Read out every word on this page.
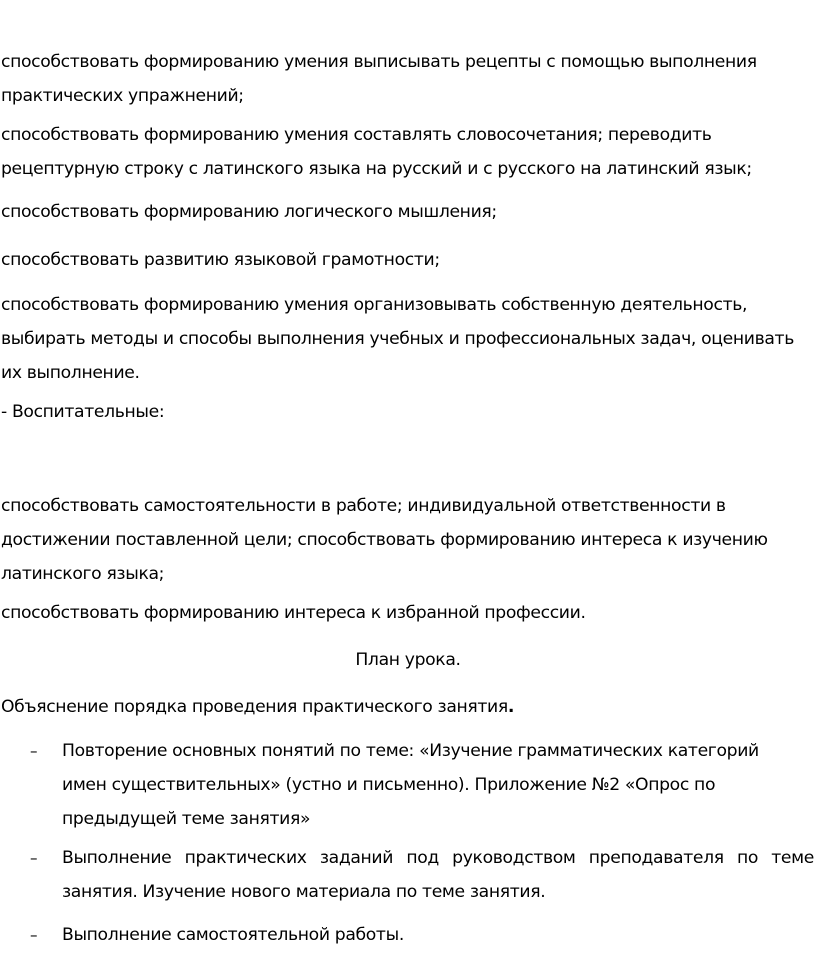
способствовать формированию умения выписывать рецепты с помощью выполнения
практических упражнений;
способствовать формированию умения составлять словосочетания; переводить
рецептурную строку с латинского языка на русский и с русского на латинский язык;
способствовать формированию логического мышления;
способствовать развитию языковой грамотности;
способствовать формированию умения организовывать собственную деятельность,
выбирать методы и способы выполнения учебных и профессиональных задач, оценивать
их выполнение.
- Воспитательные:
способствовать самостоятельности в работе; индивидуальной ответственности в
достижении поставленной цели; способствовать формированию интереса к изучению
латинского языка;
способствовать формированию интереса к избранной профессии.
План урока.
Объяснение порядка проведения практического занятия.
– Повторение основных понятий по теме: «Изучение грамматических категорий
имен существительных» (устно и письменно). Приложение №2 «Опрос по
предыдущей теме занятия»
– Выполнение практических заданий под руководством преподавателя по теме
занятия. Изучение нового материала по теме занятия.
– Выполнение самостоятельной работы.
